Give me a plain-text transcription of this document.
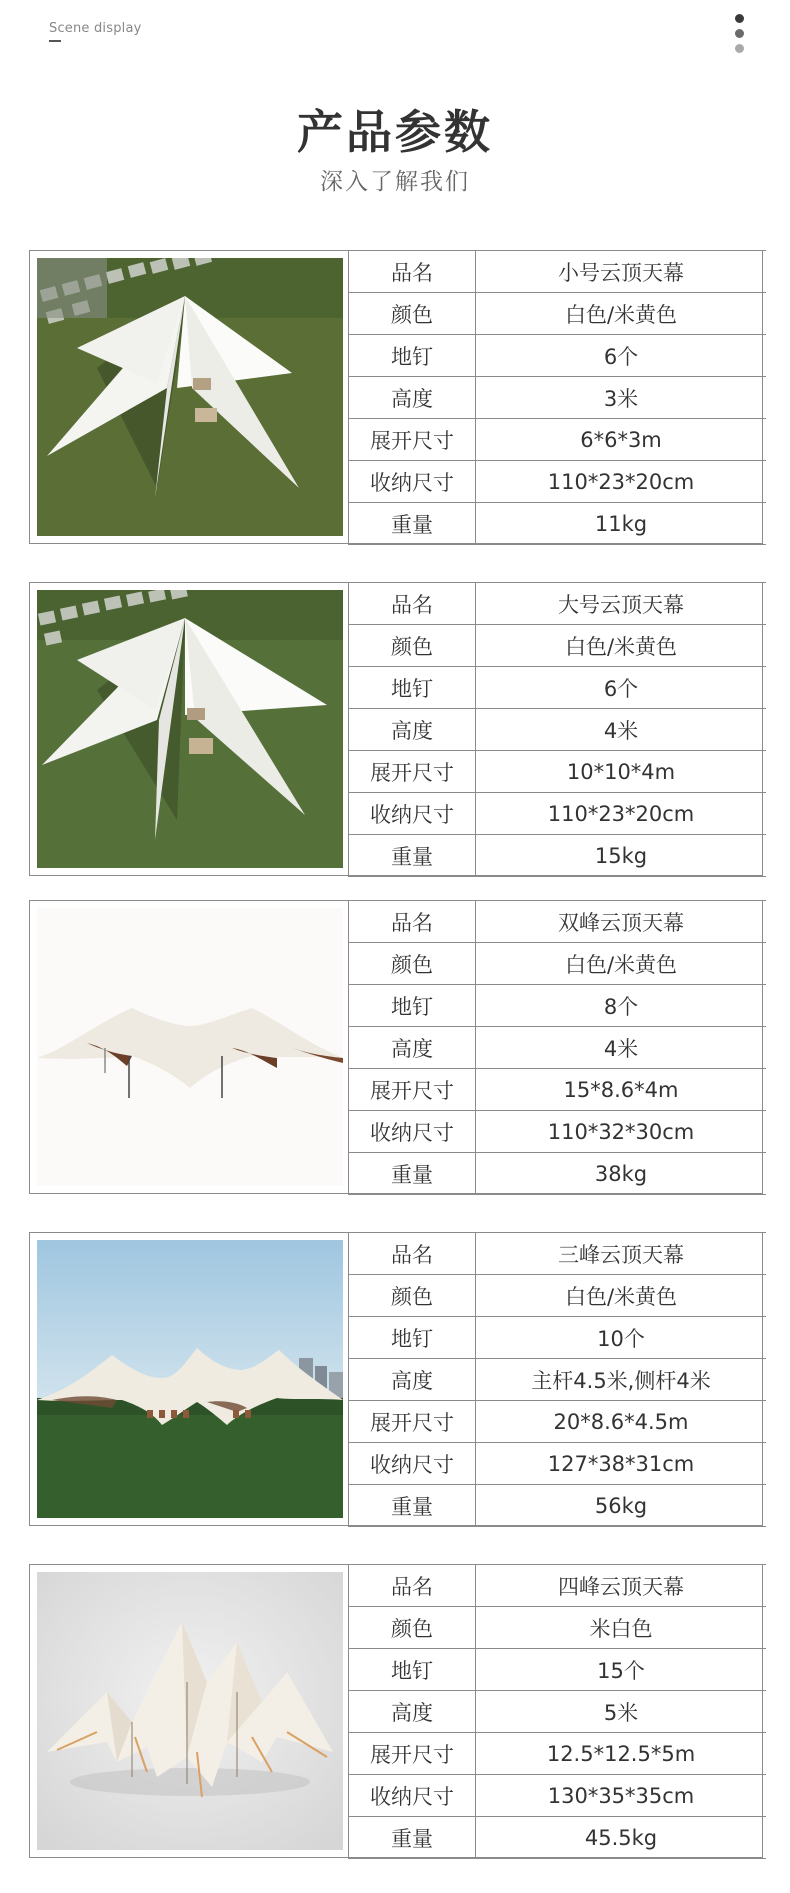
Scene display
产品参数
深入了解我们
品名	小号云顶天幕
颜色	白色/米黄色
地钉	6个
高度	3米
展开尺寸	6*6*3m
收纳尺寸	110*23*20cm
重量	11kg
品名	大号云顶天幕
颜色	白色/米黄色
地钉	6个
高度	4米
展开尺寸	10*10*4m
收纳尺寸	110*23*20cm
重量	15kg
品名	双峰云顶天幕
颜色	白色/米黄色
地钉	8个
高度	4米
展开尺寸	15*8.6*4m
收纳尺寸	110*32*30cm
重量	38kg
品名	三峰云顶天幕
颜色	白色/米黄色
地钉	10个
高度	主杆4.5米,侧杆4米
展开尺寸	20*8.6*4.5m
收纳尺寸	127*38*31cm
重量	56kg
品名	四峰云顶天幕
颜色	米白色
地钉	15个
高度	5米
展开尺寸	12.5*12.5*5m
收纳尺寸	130*35*35cm
重量	45.5kg
